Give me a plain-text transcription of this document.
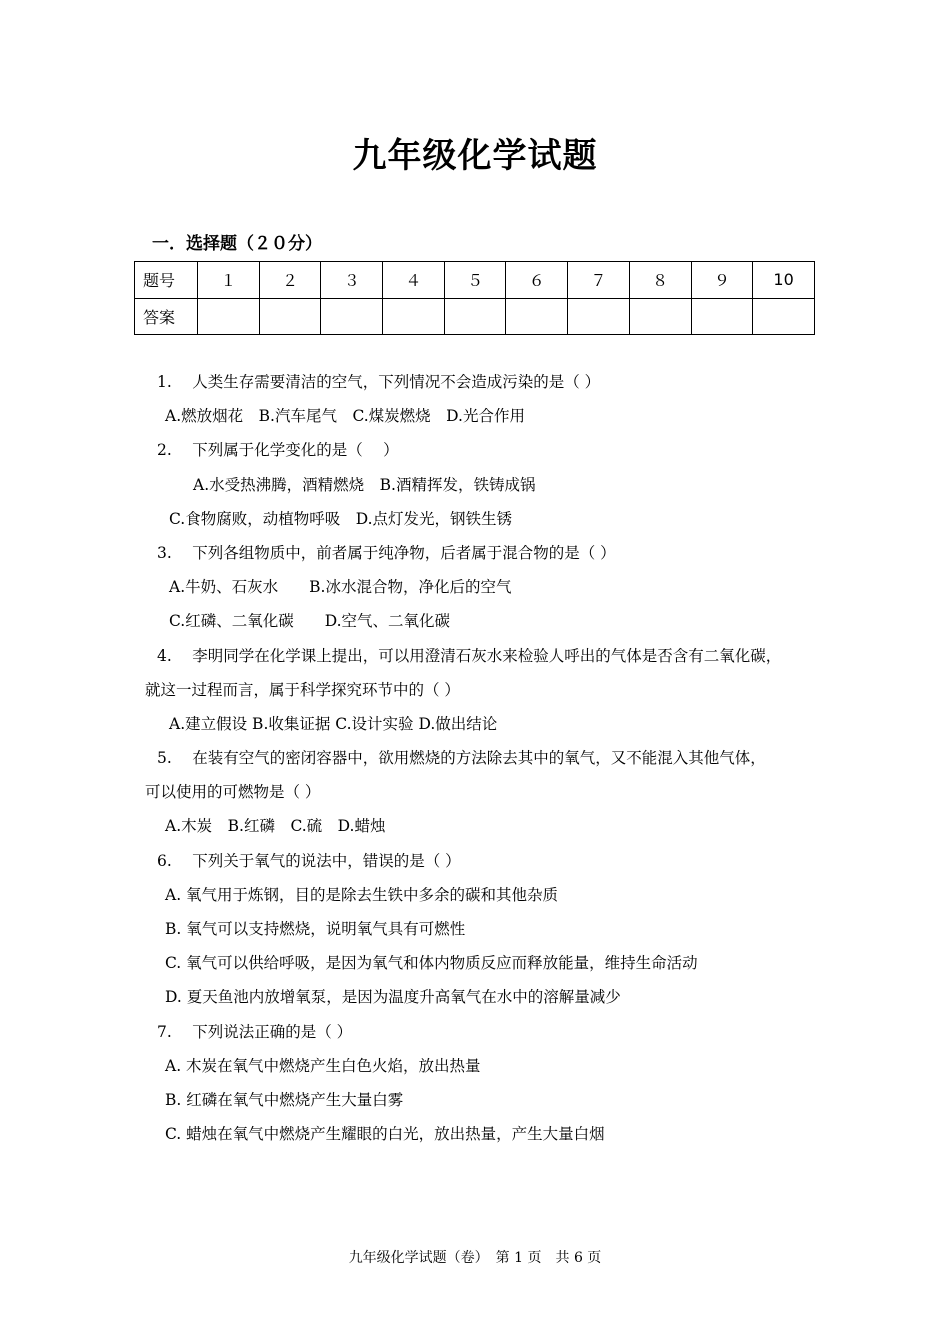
九年级化学试题
一．选择题（２０分）
题号	１	２	３	４	５	６	７	８	９	10
答案										
1.　 人类生存需要清洁的空气，下列情况不会造成污染的是（ ）
A.燃放烟花　B.汽车尾气　C.煤炭燃烧　D.光合作用
2.　 下列属于化学变化的是（　 ）
A.水受热沸腾，酒精燃烧　B.酒精挥发，铁铸成锅
C.食物腐败，动植物呼吸　D.点灯发光，钢铁生锈
3.　 下列各组物质中，前者属于纯净物，后者属于混合物的是（ ）
A.牛奶、石灰水　　B.冰水混合物，净化后的空气
C.红磷、二氧化碳　　D.空气、二氧化碳
4.　 李明同学在化学课上提出，可以用澄清石灰水来检验人呼出的气体是否含有二氧化碳，
就这一过程而言，属于科学探究环节中的（ ）
A.建立假设 B.收集证据 C.设计实验 D.做出结论
5.　 在装有空气的密闭容器中，欲用燃烧的方法除去其中的氧气，又不能混入其他气体，
可以使用的可燃物是（ ）
A.木炭　B.红磷　C.硫　D.蜡烛
6.　 下列关于氧气的说法中，错误的是（ ）
A. 氧气用于炼钢，目的是除去生铁中多余的碳和其他杂质
B. 氧气可以支持燃烧，说明氧气具有可燃性
C. 氧气可以供给呼吸，是因为氧气和体内物质反应而释放能量，维持生命活动
D. 夏天鱼池内放增氧泵，是因为温度升高氧气在水中的溶解量减少
7.　 下列说法正确的是（ ）
A. 木炭在氧气中燃烧产生白色火焰，放出热量
B. 红磷在氧气中燃烧产生大量白雾
C. 蜡烛在氧气中燃烧产生耀眼的白光，放出热量，产生大量白烟
九年级化学试题（卷）　第 1 页　共 6 页
